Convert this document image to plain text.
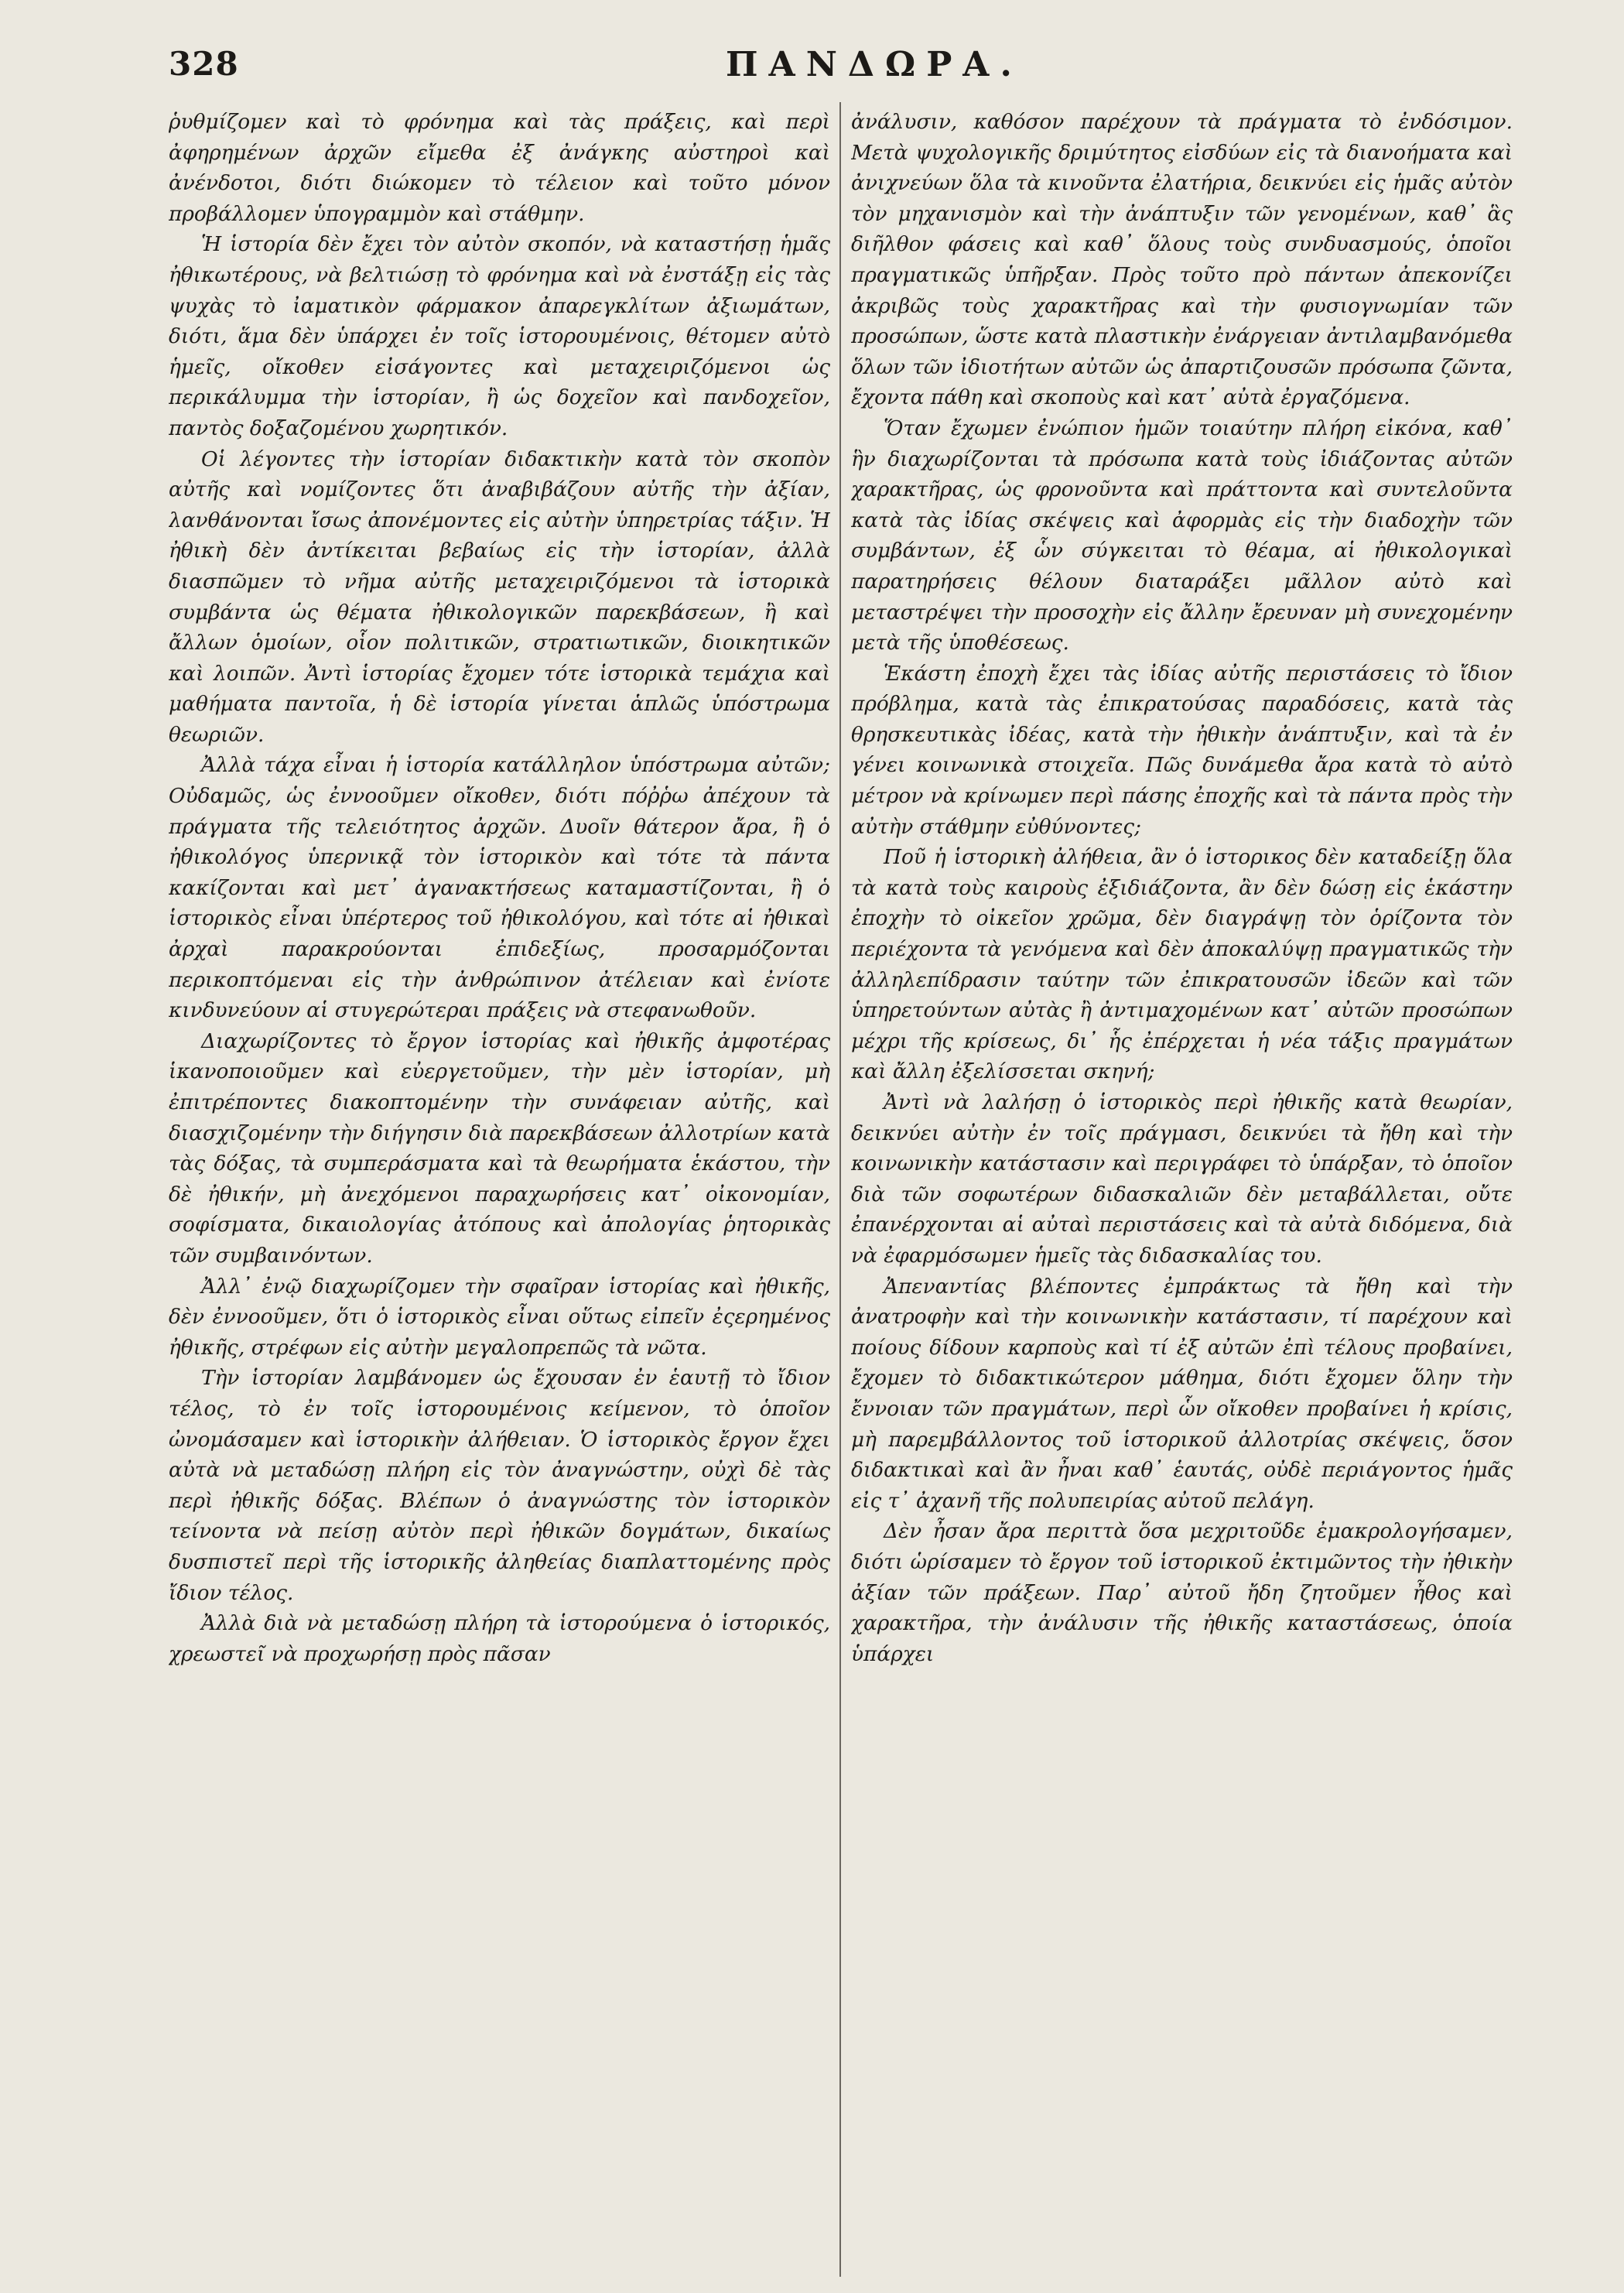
328	ΠΑΝΔΩΡΑ.

ῥυθμίζομεν καὶ τὸ φρόνημα καὶ τὰς πράξεις, καὶ περὶ ἀφηρημένων ἀρχῶν εἴμεθα ἐξ ἀνάγκης αὐστηροὶ καὶ ἀνένδοτοι, διότι διώκομεν τὸ τέλειον καὶ τοῦτο μόνον προβάλλομεν ὑπογραμμὸν καὶ στάθμην.

Ἡ ἱστορία δὲν ἔχει τὸν αὐτὸν σκοπόν, νὰ καταστήσῃ ἡμᾶς ἠθικωτέρους, νὰ βελτιώσῃ τὸ φρόνημα καὶ νὰ ἐνστάξῃ εἰς τὰς ψυχὰς τὸ ἰαματικὸν φάρμακον ἀπαρεγκλίτων ἀξιωμάτων, διότι, ἅμα δὲν ὑπάρχει ἐν τοῖς ἱστορουμένοις, θέτομεν αὐτὸ ἡμεῖς, οἴκοθεν εἰσάγοντες καὶ μεταχειριζόμενοι ὡς περικάλυμμα τὴν ἱστορίαν, ἢ ὡς δοχεῖον καὶ πανδοχεῖον, παντὸς δοξαζομένου χωρητικόν.

Οἱ λέγοντες τὴν ἱστορίαν διδακτικὴν κατὰ τὸν σκοπὸν αὐτῆς καὶ νομίζοντες ὅτι ἀναβιβάζουν αὐτῆς τὴν ἀξίαν, λανθάνονται ἴσως ἀπονέμοντες εἰς αὐτὴν ὑπηρετρίας τάξιν. Ἡ ἠθικὴ δὲν ἀντίκειται βεβαίως εἰς τὴν ἱστορίαν, ἀλλὰ διασπῶμεν τὸ νῆμα αὐτῆς μεταχειριζόμενοι τὰ ἱστορικὰ συμβάντα ὡς θέματα ἠθικολογικῶν παρεκβάσεων, ἢ καὶ ἄλλων ὁμοίων, οἷον πολιτικῶν, στρατιωτικῶν, διοικητικῶν καὶ λοιπῶν. Ἀντὶ ἱστορίας ἔχομεν τότε ἱστορικὰ τεμάχια καὶ μαθήματα παντοῖα, ἡ δὲ ἱστορία γίνεται ἁπλῶς ὑπόστρωμα θεωριῶν.

Ἀλλὰ τάχα εἶναι ἡ ἱστορία κατάλληλον ὑπόστρωμα αὐτῶν; Οὐδαμῶς, ὡς ἐννοοῦμεν οἴκοθεν, διότι πόῤῥω ἀπέχουν τὰ πράγματα τῆς τελειότητος ἀρχῶν. Δυοῖν θάτερον ἄρα, ἢ ὁ ἠθικολόγος ὑπερνικᾷ τὸν ἱστορικὸν καὶ τότε τὰ πάντα κακίζονται καὶ μετ᾽ ἀγανακτήσεως καταμαστίζονται, ἢ ὁ ἱστορικὸς εἶναι ὑπέρτερος τοῦ ἠθικολόγου, καὶ τότε αἱ ἠθικαὶ ἀρχαὶ παρακρούονται ἐπιδεξίως, προσαρμόζονται περικοπτόμεναι εἰς τὴν ἀνθρώπινον ἀτέλειαν καὶ ἐνίοτε κινδυνεύουν αἱ στυγερώτεραι πράξεις νὰ στεφανωθοῦν.

Διαχωρίζοντες τὸ ἔργον ἱστορίας καὶ ἠθικῆς ἀμφοτέρας ἱκανοποιοῦμεν καὶ εὐεργετοῦμεν, τὴν μὲν ἱστορίαν, μὴ ἐπιτρέποντες διακοπτομένην τὴν συνάφειαν αὐτῆς, καὶ διασχιζομένην τὴν διήγησιν διὰ παρεκβάσεων ἀλλοτρίων κατὰ τὰς δόξας, τὰ συμπεράσματα καὶ τὰ θεωρήματα ἑκάστου, τὴν δὲ ἠθικήν, μὴ ἀνεχόμενοι παραχωρήσεις κατ᾽ οἰκονομίαν, σοφίσματα, δικαιολογίας ἀτόπους καὶ ἀπολογίας ῥητορικὰς τῶν συμβαινόντων.

Ἀλλ᾽ ἐνῷ διαχωρίζομεν τὴν σφαῖραν ἱστορίας καὶ ἠθικῆς, δὲν ἐννοοῦμεν, ὅτι ὁ ἱστορικὸς εἶναι οὕτως εἰπεῖν ἐςερημένος ἠθικῆς, στρέφων εἰς αὐτὴν μεγαλοπρεπῶς τὰ νῶτα.

Τὴν ἱστορίαν λαμβάνομεν ὡς ἔχουσαν ἐν ἑαυτῇ τὸ ἴδιον τέλος, τὸ ἐν τοῖς ἱστορουμένοις κείμενον, τὸ ὁποῖον ὠνομάσαμεν καὶ ἱστορικὴν ἀλήθειαν. Ὁ ἱστορικὸς ἔργον ἔχει αὐτὰ νὰ μεταδώσῃ πλήρη εἰς τὸν ἀναγνώστην, οὐχὶ δὲ τὰς περὶ ἠθικῆς δόξας. Βλέπων ὁ ἀναγνώστης τὸν ἱστορικὸν τείνοντα νὰ πείσῃ αὐτὸν περὶ ἠθικῶν δογμάτων, δικαίως δυσπιστεῖ περὶ τῆς ἱστορικῆς ἀληθείας διαπλαττομένης πρὸς ἴδιον τέλος.

Ἀλλὰ διὰ νὰ μεταδώσῃ πλήρη τὰ ἱστορούμενα ὁ ἱστορικός, χρεωστεῖ νὰ προχωρήσῃ πρὸς πᾶσαν

ἀνάλυσιν, καθόσον παρέχουν τὰ πράγματα τὸ ἐνδόσιμον. Μετὰ ψυχολογικῆς δριμύτητος εἰσδύων εἰς τὰ διανοήματα καὶ ἀνιχνεύων ὅλα τὰ κινοῦντα ἐλατήρια, δεικνύει εἰς ἡμᾶς αὐτὸν τὸν μηχανισμὸν καὶ τὴν ἀνάπτυξιν τῶν γενομένων, καθ᾽ ἃς διῆλθον φάσεις καὶ καθ᾽ ὅλους τοὺς συνδυασμούς, ὁποῖοι πραγματικῶς ὑπῆρξαν. Πρὸς τοῦτο πρὸ πάντων ἀπεκονίζει ἀκριβῶς τοὺς χαρακτῆρας καὶ τὴν φυσιογνωμίαν τῶν προσώπων, ὥστε κατὰ πλαστικὴν ἐνάργειαν ἀντιλαμβανόμεθα ὅλων τῶν ἰδιοτήτων αὐτῶν ὡς ἀπαρτιζουσῶν πρόσωπα ζῶντα, ἔχοντα πάθη καὶ σκοποὺς καὶ κατ᾽ αὐτὰ ἐργαζόμενα.

Ὅταν ἔχωμεν ἐνώπιον ἡμῶν τοιαύτην πλήρη εἰκόνα, καθ᾽ ἣν διαχωρίζονται τὰ πρόσωπα κατὰ τοὺς ἰδιάζοντας αὐτῶν χαρακτῆρας, ὡς φρονοῦντα καὶ πράττοντα καὶ συντελοῦντα κατὰ τὰς ἰδίας σκέψεις καὶ ἀφορμὰς εἰς τὴν διαδοχὴν τῶν συμβάντων, ἐξ ὧν σύγκειται τὸ θέαμα, αἱ ἠθικολογικαὶ παρατηρήσεις θέλουν διαταράξει μᾶλλον αὐτὸ καὶ μεταστρέψει τὴν προσοχὴν εἰς ἄλλην ἔρευναν μὴ συνεχομένην μετὰ τῆς ὑποθέσεως.

Ἑκάστη ἐποχὴ ἔχει τὰς ἰδίας αὐτῆς περιστάσεις τὸ ἴδιον πρόβλημα, κατὰ τὰς ἐπικρατούσας παραδόσεις, κατὰ τὰς θρησκευτικὰς ἰδέας, κατὰ τὴν ἠθικὴν ἀνάπτυξιν, καὶ τὰ ἐν γένει κοινωνικὰ στοιχεῖα. Πῶς δυνάμεθα ἄρα κατὰ τὸ αὐτὸ μέτρον νὰ κρίνωμεν περὶ πάσης ἐποχῆς καὶ τὰ πάντα πρὸς τὴν αὐτὴν στάθμην εὐθύνοντες;

Ποῦ ἡ ἱστορικὴ ἀλήθεια, ἂν ὁ ἱστορικος δὲν καταδείξῃ ὅλα τὰ κατὰ τοὺς καιροὺς ἐξιδιάζοντα, ἂν δὲν δώσῃ εἰς ἑκάστην ἐποχὴν τὸ οἰκεῖον χρῶμα, δὲν διαγράψῃ τὸν ὁρίζοντα τὸν περιέχοντα τὰ γενόμενα καὶ δὲν ἀποκαλύψῃ πραγματικῶς τὴν ἀλληλεπίδρασιν ταύτην τῶν ἐπικρατουσῶν ἰδεῶν καὶ τῶν ὑπηρετούντων αὐτὰς ἢ ἀντιμαχομένων κατ᾽ αὐτῶν προσώπων μέχρι τῆς κρίσεως, δι᾽ ἧς ἐπέρχεται ἡ νέα τάξις πραγμάτων καὶ ἄλλη ἐξελίσσεται σκηνή;

Ἀντὶ νὰ λαλήσῃ ὁ ἱστορικὸς περὶ ἠθικῆς κατὰ θεωρίαν, δεικνύει αὐτὴν ἐν τοῖς πράγμασι, δεικνύει τὰ ἤθη καὶ τὴν κοινωνικὴν κατάστασιν καὶ περιγράφει τὸ ὑπάρξαν, τὸ ὁποῖον διὰ τῶν σοφωτέρων διδασκαλιῶν δὲν μεταβάλλεται, οὔτε ἐπανέρχονται αἱ αὐταὶ περιστάσεις καὶ τὰ αὐτὰ διδόμενα, διὰ νὰ ἐφαρμόσωμεν ἡμεῖς τὰς διδασκαλίας του.

Ἀπεναντίας βλέποντες ἐμπράκτως τὰ ἤθη καὶ τὴν ἀνατροφὴν καὶ τὴν κοινωνικὴν κατάστασιν, τί παρέχουν καὶ ποίους δίδουν καρποὺς καὶ τί ἐξ αὐτῶν ἐπὶ τέλους προβαίνει, ἔχομεν τὸ διδακτικώτερον μάθημα, διότι ἔχομεν ὅλην τὴν ἔννοιαν τῶν πραγμάτων, περὶ ὧν οἴκοθεν προβαίνει ἡ κρίσις, μὴ παρεμβάλλοντος τοῦ ἱστορικοῦ ἀλλοτρίας σκέψεις, ὅσον διδακτικαὶ καὶ ἂν ἦναι καθ᾽ ἑαυτάς, οὐδὲ περιάγοντος ἡμᾶς εἰς τ᾽ ἀχανῆ τῆς πολυπειρίας αὐτοῦ πελάγη.

Δὲν ἦσαν ἄρα περιττὰ ὅσα μεχριτοῦδε ἐμακρολογήσαμεν, διότι ὡρίσαμεν τὸ ἔργον τοῦ ἱστορικοῦ ἐκτιμῶντος τὴν ἠθικὴν ἀξίαν τῶν πράξεων. Παρ᾽ αὐτοῦ ἤδη ζητοῦμεν ἦθος καὶ χαρακτῆρα, τὴν ἀνάλυσιν τῆς ἠθικῆς καταστάσεως, ὁποία ὑπάρχει
